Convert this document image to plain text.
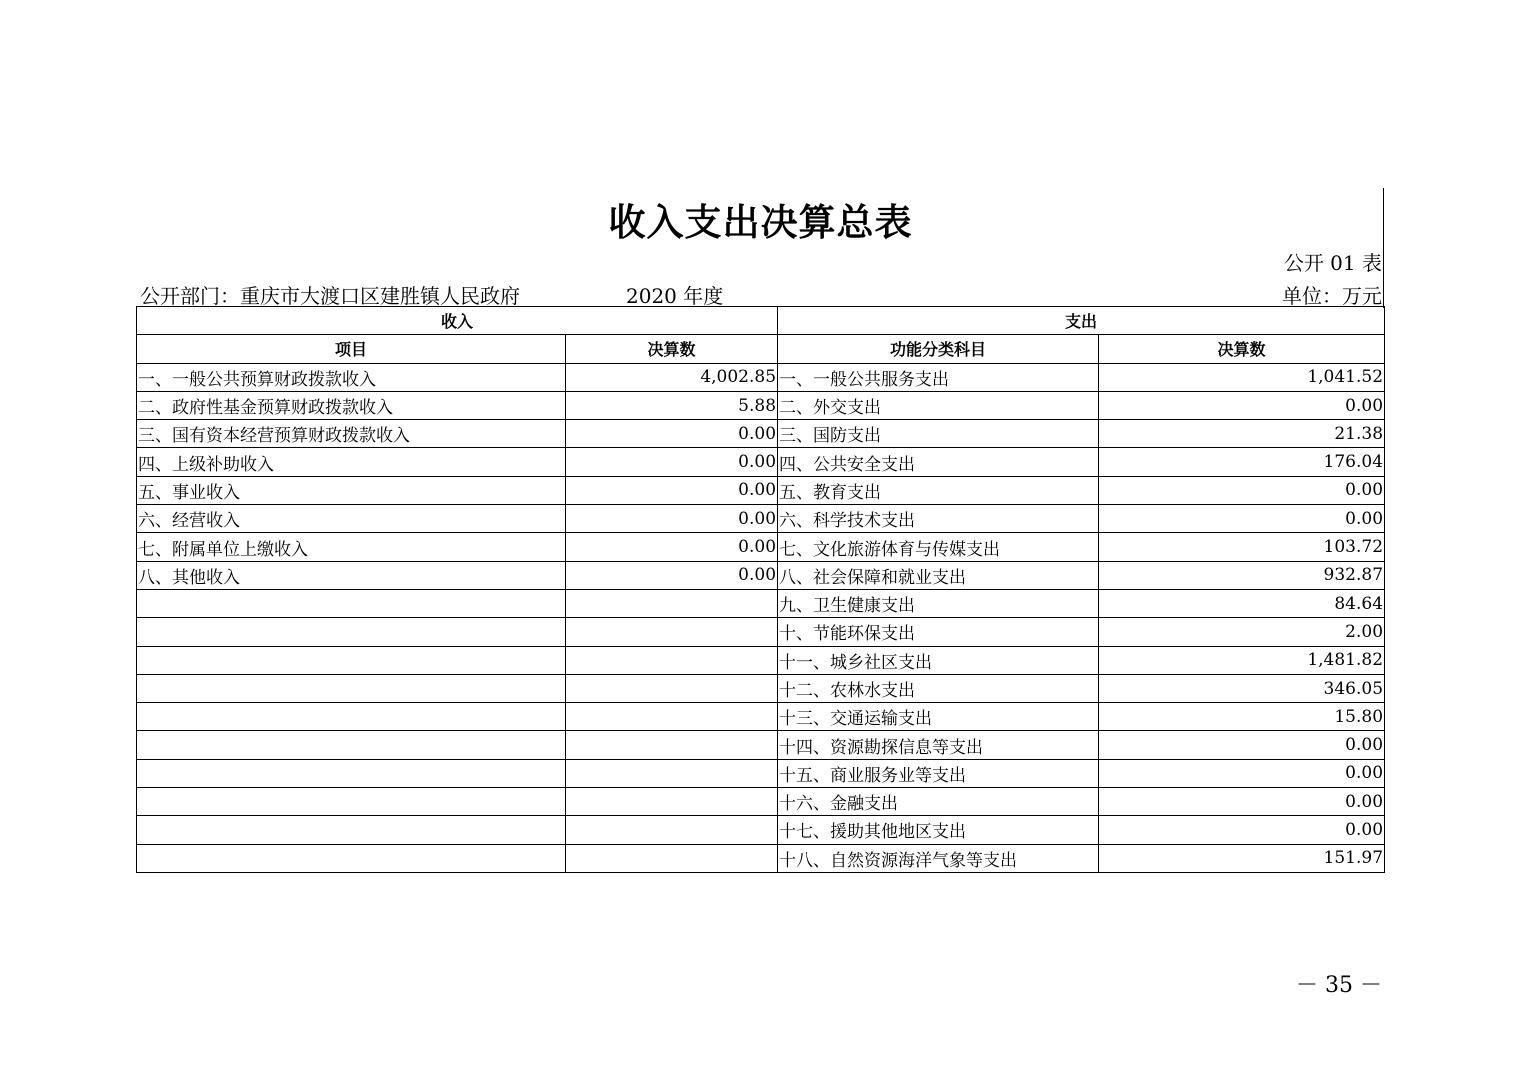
收入支出决算总表
公开 01 表
公开部门：重庆市大渡口区建胜镇人民政府	2020 年度	单位：万元
收入		支出	
项目	决算数	功能分类科目	决算数
一、一般公共预算财政拨款收入	4,002.85	一、一般公共服务支出	1,041.52
二、政府性基金预算财政拨款收入	5.88	二、外交支出	0.00
三、国有资本经营预算财政拨款收入	0.00	三、国防支出	21.38
四、上级补助收入	0.00	四、公共安全支出	176.04
五、事业收入	0.00	五、教育支出	0.00
六、经营收入	0.00	六、科学技术支出	0.00
七、附属单位上缴收入	0.00	七、文化旅游体育与传媒支出	103.72
八、其他收入	0.00	八、社会保障和就业支出	932.87
		九、卫生健康支出	84.64
		十、节能环保支出	2.00
		十一、城乡社区支出	1,481.82
		十二、农林水支出	346.05
		十三、交通运输支出	15.80
		十四、资源勘探信息等支出	0.00
		十五、商业服务业等支出	0.00
		十六、金融支出	0.00
		十七、援助其他地区支出	0.00
		十八、自然资源海洋气象等支出	151.97
－ 35 －
